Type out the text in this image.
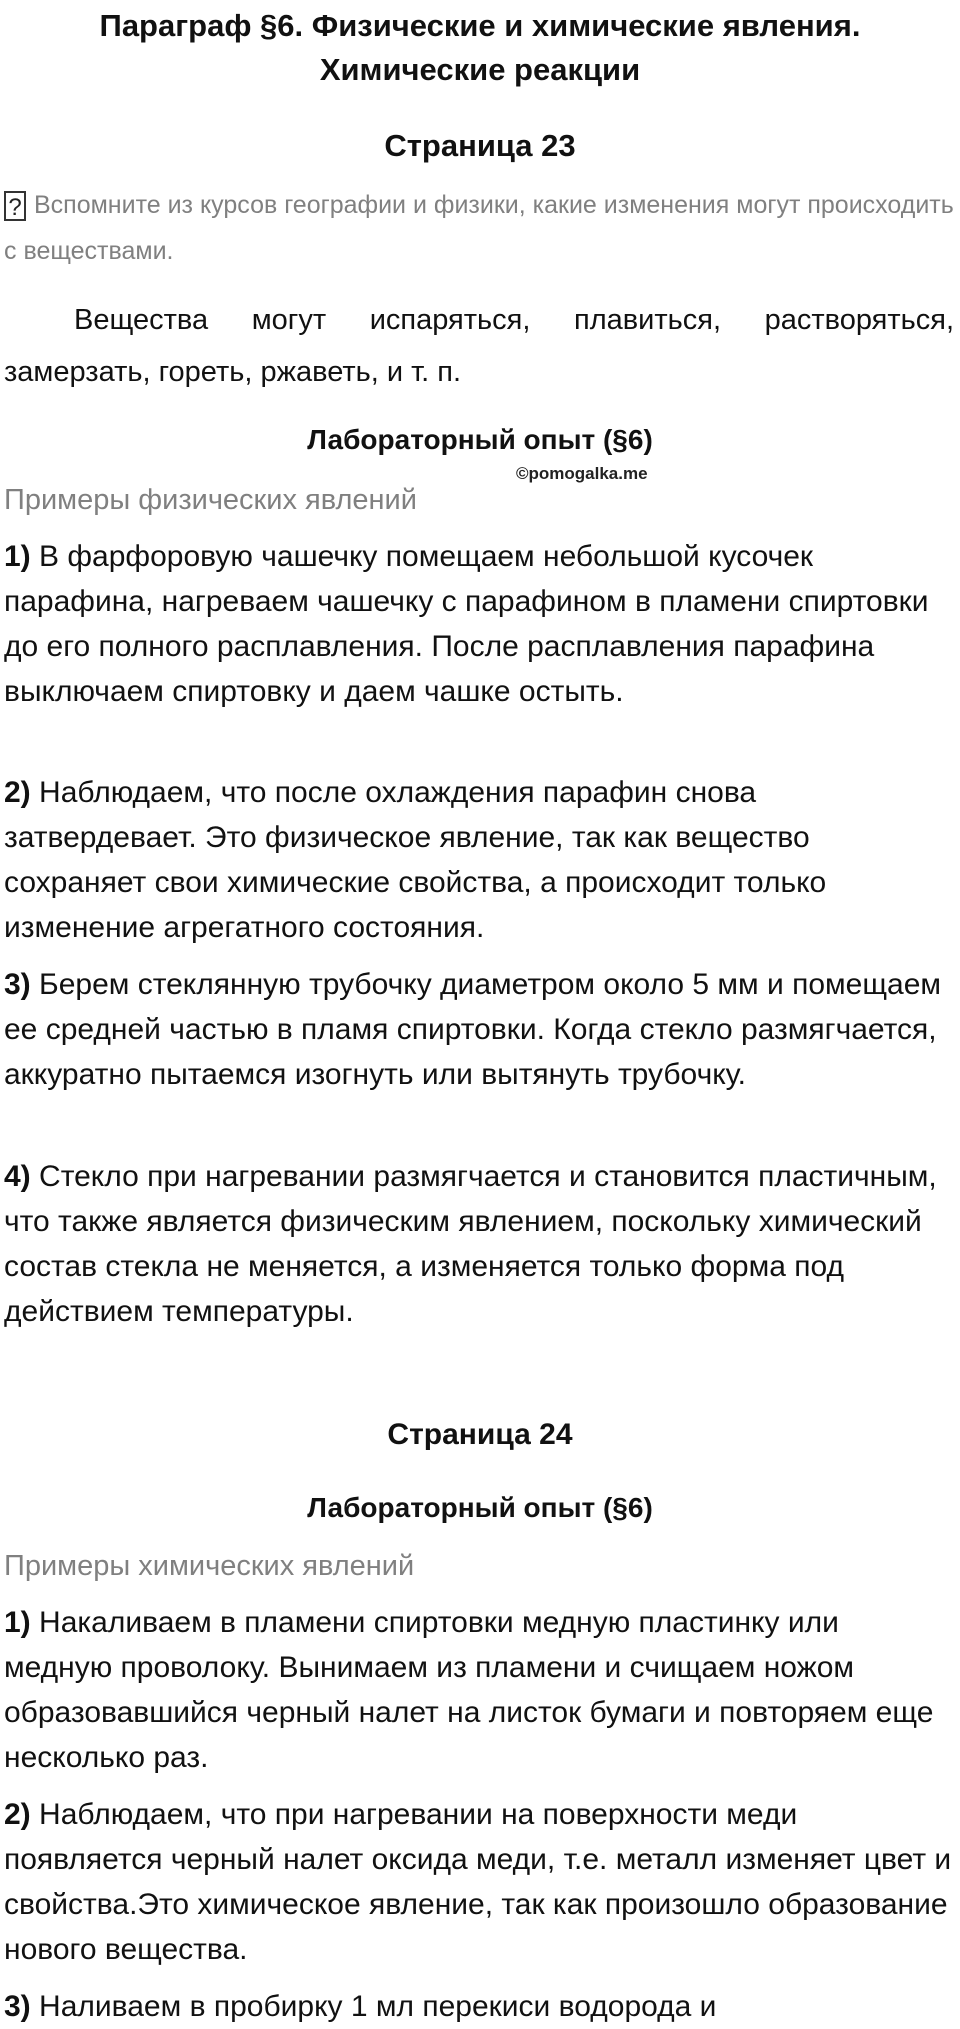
Параграф §6. Физические и химические явления.
Химические реакции
Страница 23
? Вспомните из курсов географии и физики, какие изменения могут происходить с веществами.
Вещества могут испаряться, плавиться, растворяться, замерзать, гореть, ржаветь, и т. п.
Лабораторный опыт (§6)
Примеры физических явлений
©pomogalka.me
1) В фарфоровую чашечку помещаем небольшой кусочек парафина, нагреваем чашечку с парафином в пламени спиртовки до его полного расплавления. После расплавления парафина выключаем спиртовку и даем чашке остыть.
2) Наблюдаем, что после охлаждения парафин снова затвердевает. Это физическое явление, так как вещество сохраняет свои химические свойства, а происходит только изменение агрегатного состояния.
3) Берем стеклянную трубочку диаметром около 5 мм и помещаем ее средней частью в пламя спиртовки. Когда стекло размягчается, аккуратно пытаемся изогнуть или вытянуть трубочку.
4) Стекло при нагревании размягчается и становится пластичным, что также является физическим явлением, поскольку химический состав стекла не меняется, а изменяется только форма под действием температуры.
Страница 24
Лабораторный опыт (§6)
Примеры химических явлений
1) Накаливаем в пламени спиртовки медную пластинку или медную проволоку. Вынимаем из пламени и счищаем ножом образовавшийся черный налет на листок бумаги и повторяем еще несколько раз.
2) Наблюдаем, что при нагревании на поверхности меди появляется черный налет оксида меди, т.е. металл изменяет цвет и свойства.Это химическое явление, так как произошло образование нового вещества.
3) Наливаем в пробирку 1 мл перекиси водорода и
